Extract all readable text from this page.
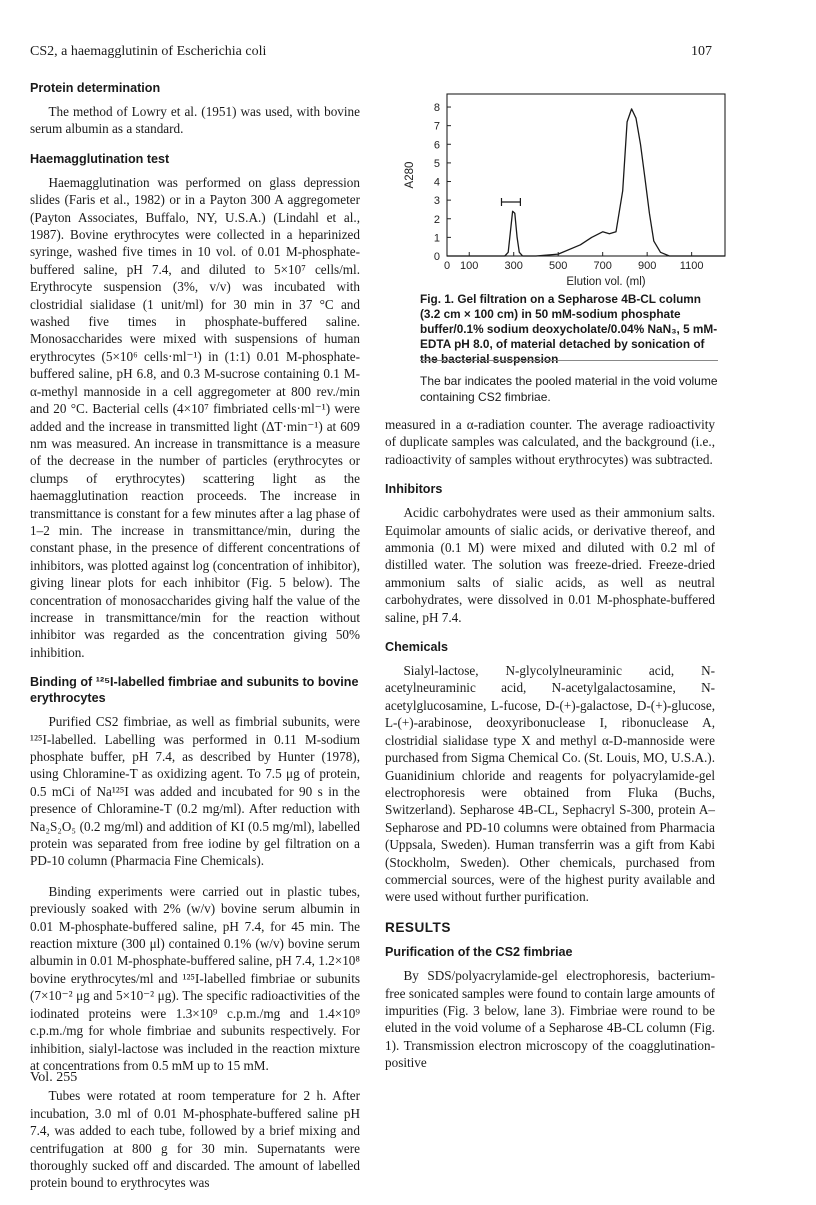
CS2, a haemagglutinin of Escherichia coli	107
Protein determination

The method of Lowry et al. (1951) was used, with bovine serum albumin as a standard.

Haemagglutination test

Haemagglutination was performed on glass depression slides (Faris et al., 1982) or in a Payton 300 A aggregometer (Payton Associates, Buffalo, NY, U.S.A.) (Lindahl et al., 1987). Bovine erythrocytes were collected in a heparinized syringe, washed five times in 10 vol. of 0.01 M-phosphate-buffered saline, pH 7.4, and diluted to 5×10⁷ cells/ml. Erythrocyte suspension (3%, v/v) was incubated with clostridial sialidase (1 unit/ml) for 30 min in 37 °C and washed five times in phosphate-buffered saline. Monosaccharides were mixed with suspensions of human erythrocytes (5×10⁶ cells·ml⁻¹) in (1:1) 0.01 M-phosphate-buffered saline, pH 6.8, and 0.3 M-sucrose containing 0.1 M-α-methyl mannoside in a cell aggregometer at 800 rev./min and 20 °C. Bacterial cells (4×10⁷ fimbriated cells·ml⁻¹) were added and the increase in transmitted light (ΔT·min⁻¹) at 609 nm was measured. An increase in transmittance is a measure of the decrease in the number of particles (erythrocytes or clumps of erythrocytes) scattering light as the haemagglutination reaction proceeds. The increase in transmittance is constant for a few minutes after a lag phase of 1–2 min. The increase in transmittance/min, during the constant phase, in the presence of different concentrations of inhibitors, was plotted against log (concentration of inhibitor), giving linear plots for each inhibitor (Fig. 5 below). The concentration of monosaccharides giving half the value of the increase in transmittance/min for the reaction without inhibitor was regarded as the concentration giving 50% inhibition.

Binding of ¹²⁵I-labelled fimbriae and subunits to bovine erythrocytes

Purified CS2 fimbriae, as well as fimbrial subunits, were ¹²⁵I-labelled. Labelling was performed in 0.11 M-sodium phosphate buffer, pH 7.4, as described by Hunter (1978), using Chloramine-T as oxidizing agent. To 7.5 μg of protein, 0.5 mCi of Na¹²⁵I was added and incubated for 90 s in the presence of Chloramine-T (0.2 mg/ml). After reduction with Na₂S₂O₅ (0.2 mg/ml) and addition of KI (0.5 mg/ml), labelled protein was separated from free iodine by gel filtration on a PD-10 column (Pharmacia Fine Chemicals).

Binding experiments were carried out in plastic tubes, previously soaked with 2% (w/v) bovine serum albumin in 0.01 M-phosphate-buffered saline, pH 7.4, for 45 min. The reaction mixture (300 μl) contained 0.1% (w/v) bovine serum albumin in 0.01 M-phosphate-buffered saline, pH 7.4, 1.2×10⁸ bovine erythrocytes/ml and ¹²⁵I-labelled fimbriae or subunits (7×10⁻² μg and 5×10⁻² μg). The specific radioactivities of the iodinated proteins were 1.3×10⁹ c.p.m./mg and 1.4×10⁹ c.p.m./mg for whole fimbriae and subunits respectively. For inhibition, sialyl-lactose was included in the reaction mixture at concentrations from 0.5 mM up to 15 mM.

Tubes were rotated at room temperature for 2 h. After incubation, 3.0 ml of 0.01 M-phosphate-buffered saline pH 7.4, was added to each tube, followed by a brief mixing and centrifugation at 800 g for 30 min. Supernatants were thoroughly sucked off and discarded. The amount of labelled protein bound to erythrocytes was

0 100 300 500 700 900 1100
0
1
2
3
4
5
6
7
8
Elution vol. (ml)
A280
Fig. 1. Gel filtration on a Sepharose 4B-CL column (3.2 cm × 100 cm) in 50 mM-sodium phosphate buffer/0.1% sodium deoxycholate/0.04% NaN₃, 5 mM-EDTA pH 8.0, of material detached by sonication of the bacterial suspension
The bar indicates the pooled material in the void volume containing CS2 fimbriae.

measured in a α-radiation counter. The average radioactivity of duplicate samples was calculated, and the background (i.e., radioactivity of samples without erythrocytes) was subtracted.

Inhibitors

Acidic carbohydrates were used as their ammonium salts. Equimolar amounts of sialic acids, or derivative thereof, and ammonia (0.1 M) were mixed and diluted with 0.2 ml of distilled water. The solution was freeze-dried. Freeze-dried ammonium salts of sialic acids, as well as neutral carbohydrates, were dissolved in 0.01 M-phosphate-buffered saline, pH 7.4.

Chemicals

Sialyl-lactose, N-glycolylneuraminic acid, N-acetylneuraminic acid, N-acetylgalactosamine, N-acetylglucosamine, L-fucose, D-(+)-galactose, D-(+)-glucose, L-(+)-arabinose, deoxyribonuclease I, ribonuclease A, clostridial sialidase type X and methyl α-D-mannoside were purchased from Sigma Chemical Co. (St. Louis, MO, U.S.A.). Guanidinium chloride and reagents for polyacrylamide-gel electrophoresis were obtained from Fluka (Buchs, Switzerland). Sepharose 4B-CL, Sephacryl S-300, protein A–Sepharose and PD-10 columns were obtained from Pharmacia (Uppsala, Sweden). Human transferrin was a gift from Kabi (Stockholm, Sweden). Other chemicals, purchased from commercial sources, were of the highest purity available and were used without further purification.

RESULTS
Purification of the CS2 fimbriae

By SDS/polyacrylamide-gel electrophoresis, bacterium-free sonicated samples were found to contain large amounts of impurities (Fig. 3 below, lane 3). Fimbriae were round to be eluted in the void volume of a Sepharose 4B-CL column (Fig. 1). Transmission electron microscopy of the coagglutination-positive

Vol. 255
